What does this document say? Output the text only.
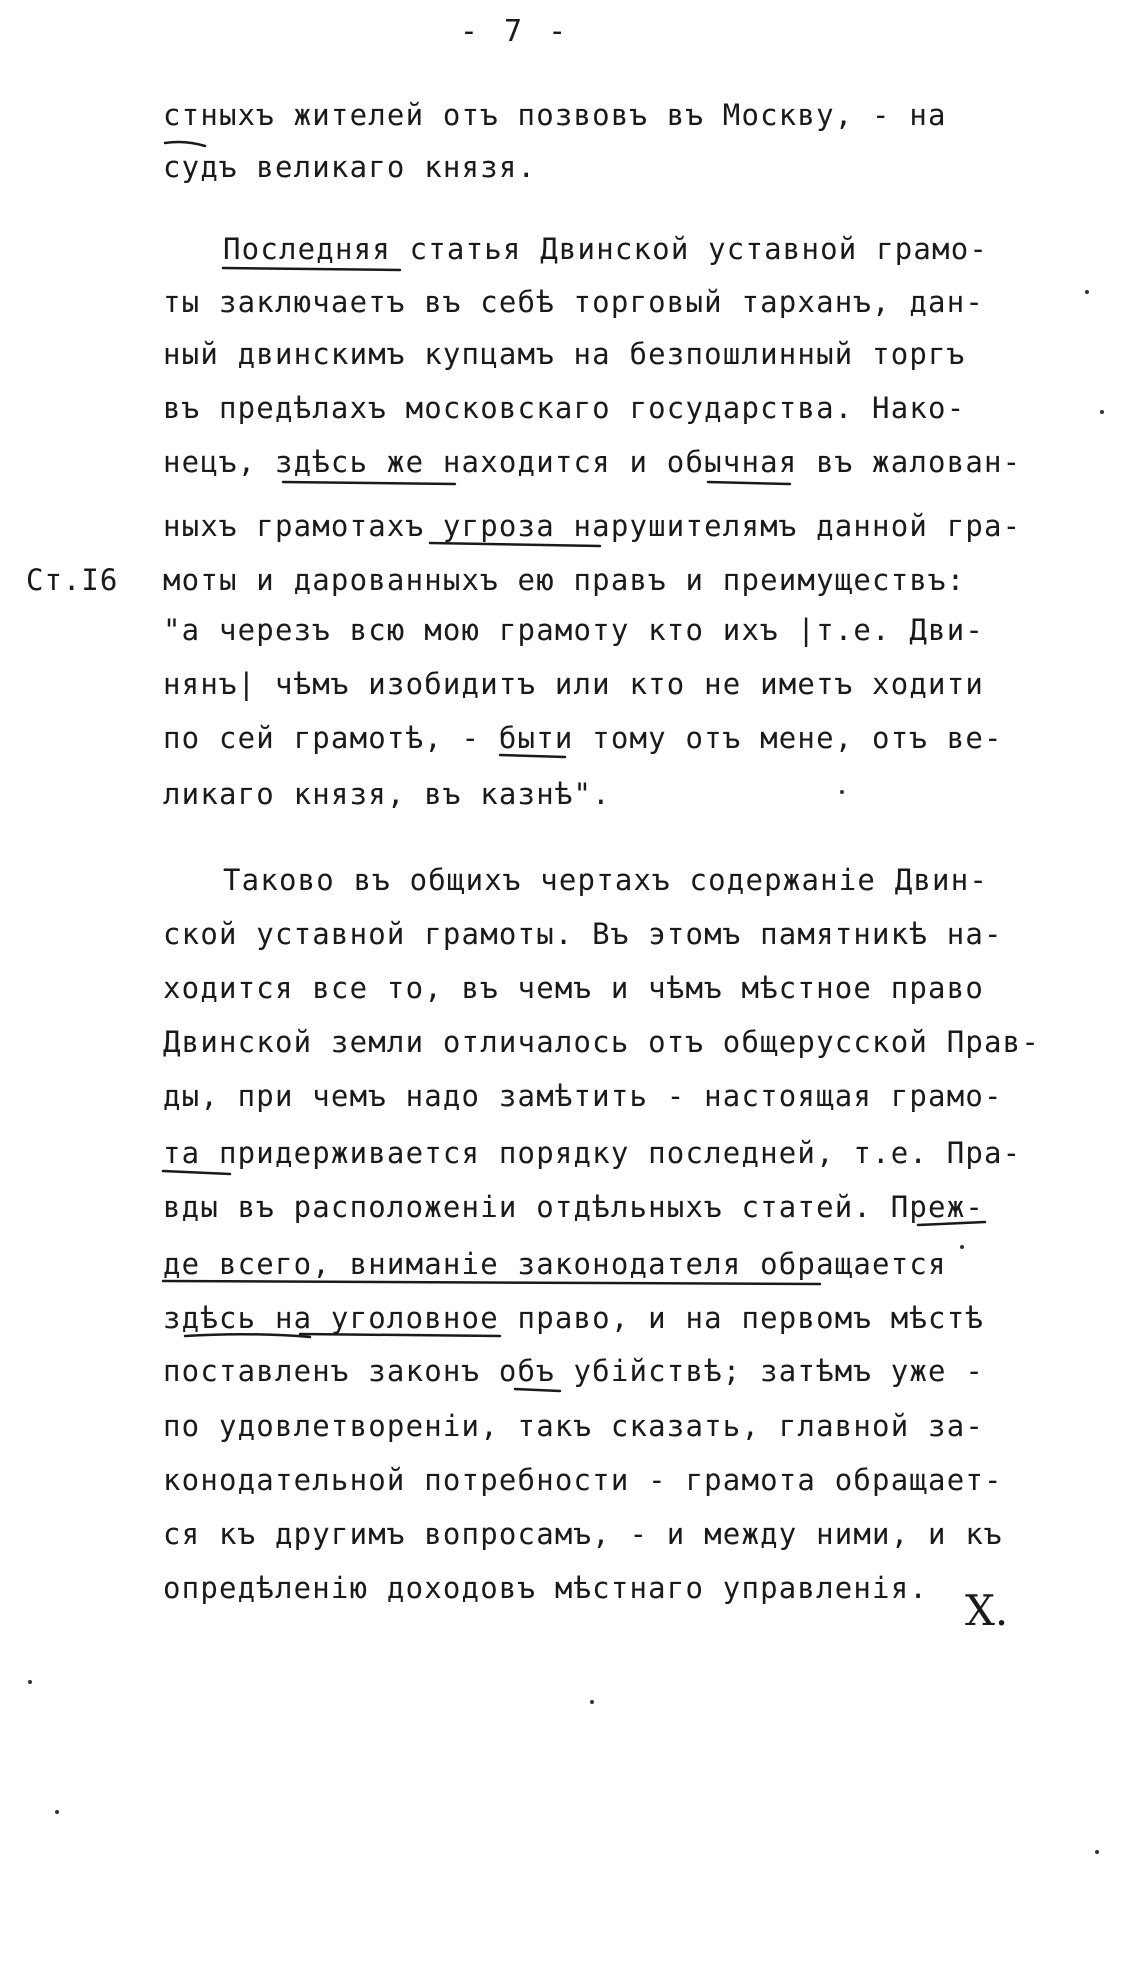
- 7 -
Ст.I6
стныхъ жителей отъ позвовъ въ Москву, - на
судъ великаго князя.
Последняя статья Двинской уставной грамо-
ты заключаетъ въ себѣ торговый тарханъ, дан-
ный двинскимъ купцамъ на безпошлинный торгъ
въ предѣлахъ московскаго государства. Нако-
нецъ, здѣсь же находится и обычная въ жалован-
ныхъ грамотахъ угроза нарушителямъ данной гра-
моты и дарованныхъ ею правъ и преимуществъ:
"а черезъ всю мою грамоту кто ихъ |т.е. Дви-
нянъ| чѣмъ изобидитъ или кто не иметъ ходити
по сей грамотѣ, - быти тому отъ мене, отъ ве-
ликаго князя, въ казнѣ".
Таково въ общихъ чертахъ содержаніе Двин-
ской уставной грамоты. Въ этомъ памятникѣ на-
ходится все то, въ чемъ и чѣмъ мѣстное право
Двинской земли отличалось отъ общерусской Прав-
ды, при чемъ надо замѣтить - настоящая грамо-
та придерживается порядку последней, т.е. Пра-
вды въ расположеніи отдѣльныхъ статей. Преж-
де всего, вниманіе законодателя обращается
здѣсь на уголовное право, и на первомъ мѣстѣ
поставленъ законъ объ убійствѣ; затѣмъ уже -
по удовлетвореніи, такъ сказать, главной за-
конодательной потребности - грамота обращает-
ся къ другимъ вопросамъ, - и между ними, и къ
опредѣленію доходовъ мѣстнаго управленія. X.
